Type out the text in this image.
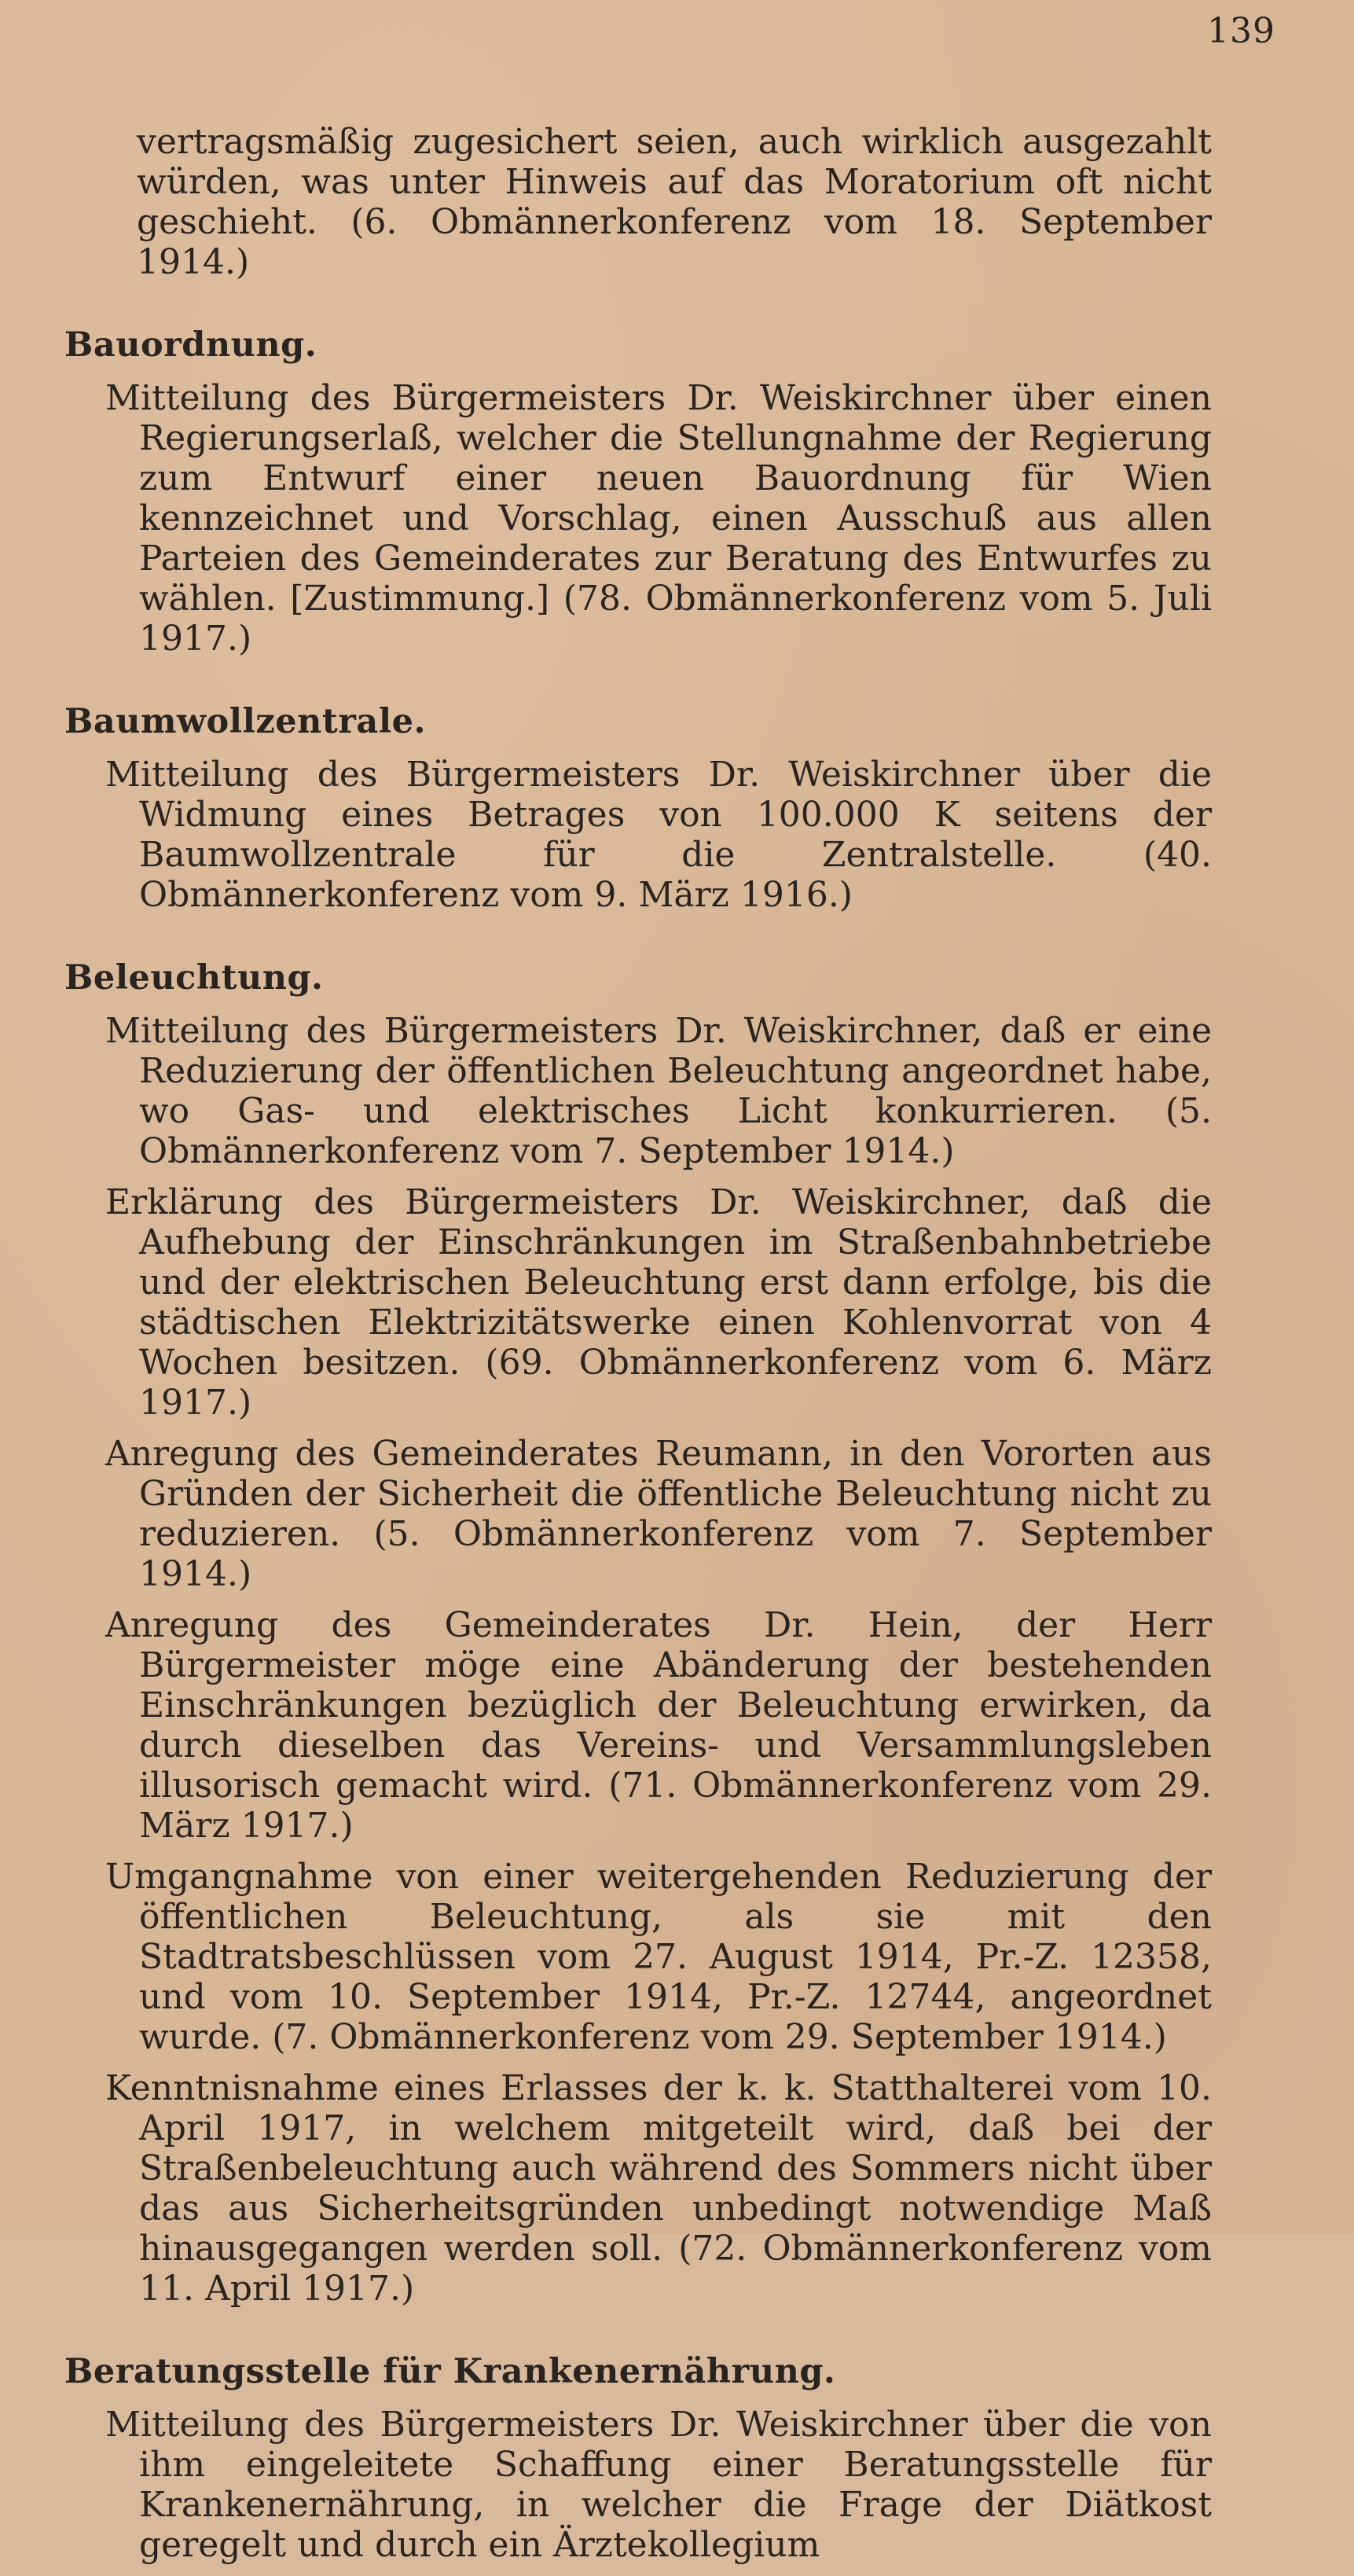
139

vertragsmäßig zugesichert seien, auch wirklich ausgezahlt würden, was unter Hinweis auf das Moratorium oft nicht geschieht. (6. Obmännerkonferenz vom 18. September 1914.)

Bauordnung.

Mitteilung des Bürgermeisters Dr. Weiskirchner über einen Regierungserlaß, welcher die Stellungnahme der Regierung zum Entwurf einer neuen Bauordnung für Wien kennzeichnet und Vorschlag, einen Ausschuß aus allen Parteien des Gemeinderates zur Beratung des Entwurfes zu wählen. [Zustimmung.] (78. Obmännerkonferenz vom 5. Juli 1917.)

Baumwollzentrale.

Mitteilung des Bürgermeisters Dr. Weiskirchner über die Widmung eines Betrages von 100.000 K seitens der Baumwollzentrale für die Zentralstelle. (40. Obmännerkonferenz vom 9. März 1916.)

Beleuchtung.

Mitteilung des Bürgermeisters Dr. Weiskirchner, daß er eine Reduzierung der öffentlichen Beleuchtung angeordnet habe, wo Gas- und elektrisches Licht konkurrieren. (5. Obmännerkonferenz vom 7. September 1914.)

Erklärung des Bürgermeisters Dr. Weiskirchner, daß die Aufhebung der Einschränkungen im Straßenbahnbetriebe und der elektrischen Beleuchtung erst dann erfolge, bis die städtischen Elektrizitätswerke einen Kohlenvorrat von 4 Wochen besitzen. (69. Obmännerkonferenz vom 6. März 1917.)

Anregung des Gemeinderates Reumann, in den Vororten aus Gründen der Sicherheit die öffentliche Beleuchtung nicht zu reduzieren. (5. Obmännerkonferenz vom 7. September 1914.)

Anregung des Gemeinderates Dr. Hein, der Herr Bürgermeister möge eine Abänderung der bestehenden Einschränkungen bezüglich der Beleuchtung erwirken, da durch dieselben das Vereins- und Versammlungsleben illusorisch gemacht wird. (71. Obmännerkonferenz vom 29. März 1917.)

Umgangnahme von einer weitergehenden Reduzierung der öffentlichen Beleuchtung, als sie mit den Stadtratsbeschlüssen vom 27. August 1914, Pr.-Z. 12358, und vom 10. September 1914, Pr.-Z. 12744, angeordnet wurde. (7. Obmännerkonferenz vom 29. September 1914.)

Kenntnisnahme eines Erlasses der k. k. Statthalterei vom 10. April 1917, in welchem mitgeteilt wird, daß bei der Straßenbeleuchtung auch während des Sommers nicht über das aus Sicherheitsgründen unbedingt notwendige Maß hinausgegangen werden soll. (72. Obmännerkonferenz vom 11. April 1917.)

Beratungsstelle für Krankenernährung.

Mitteilung des Bürgermeisters Dr. Weiskirchner über die von ihm eingeleitete Schaffung einer Beratungsstelle für Krankenernährung, in welcher die Frage der Diätkost geregelt und durch ein Ärztekollegium
